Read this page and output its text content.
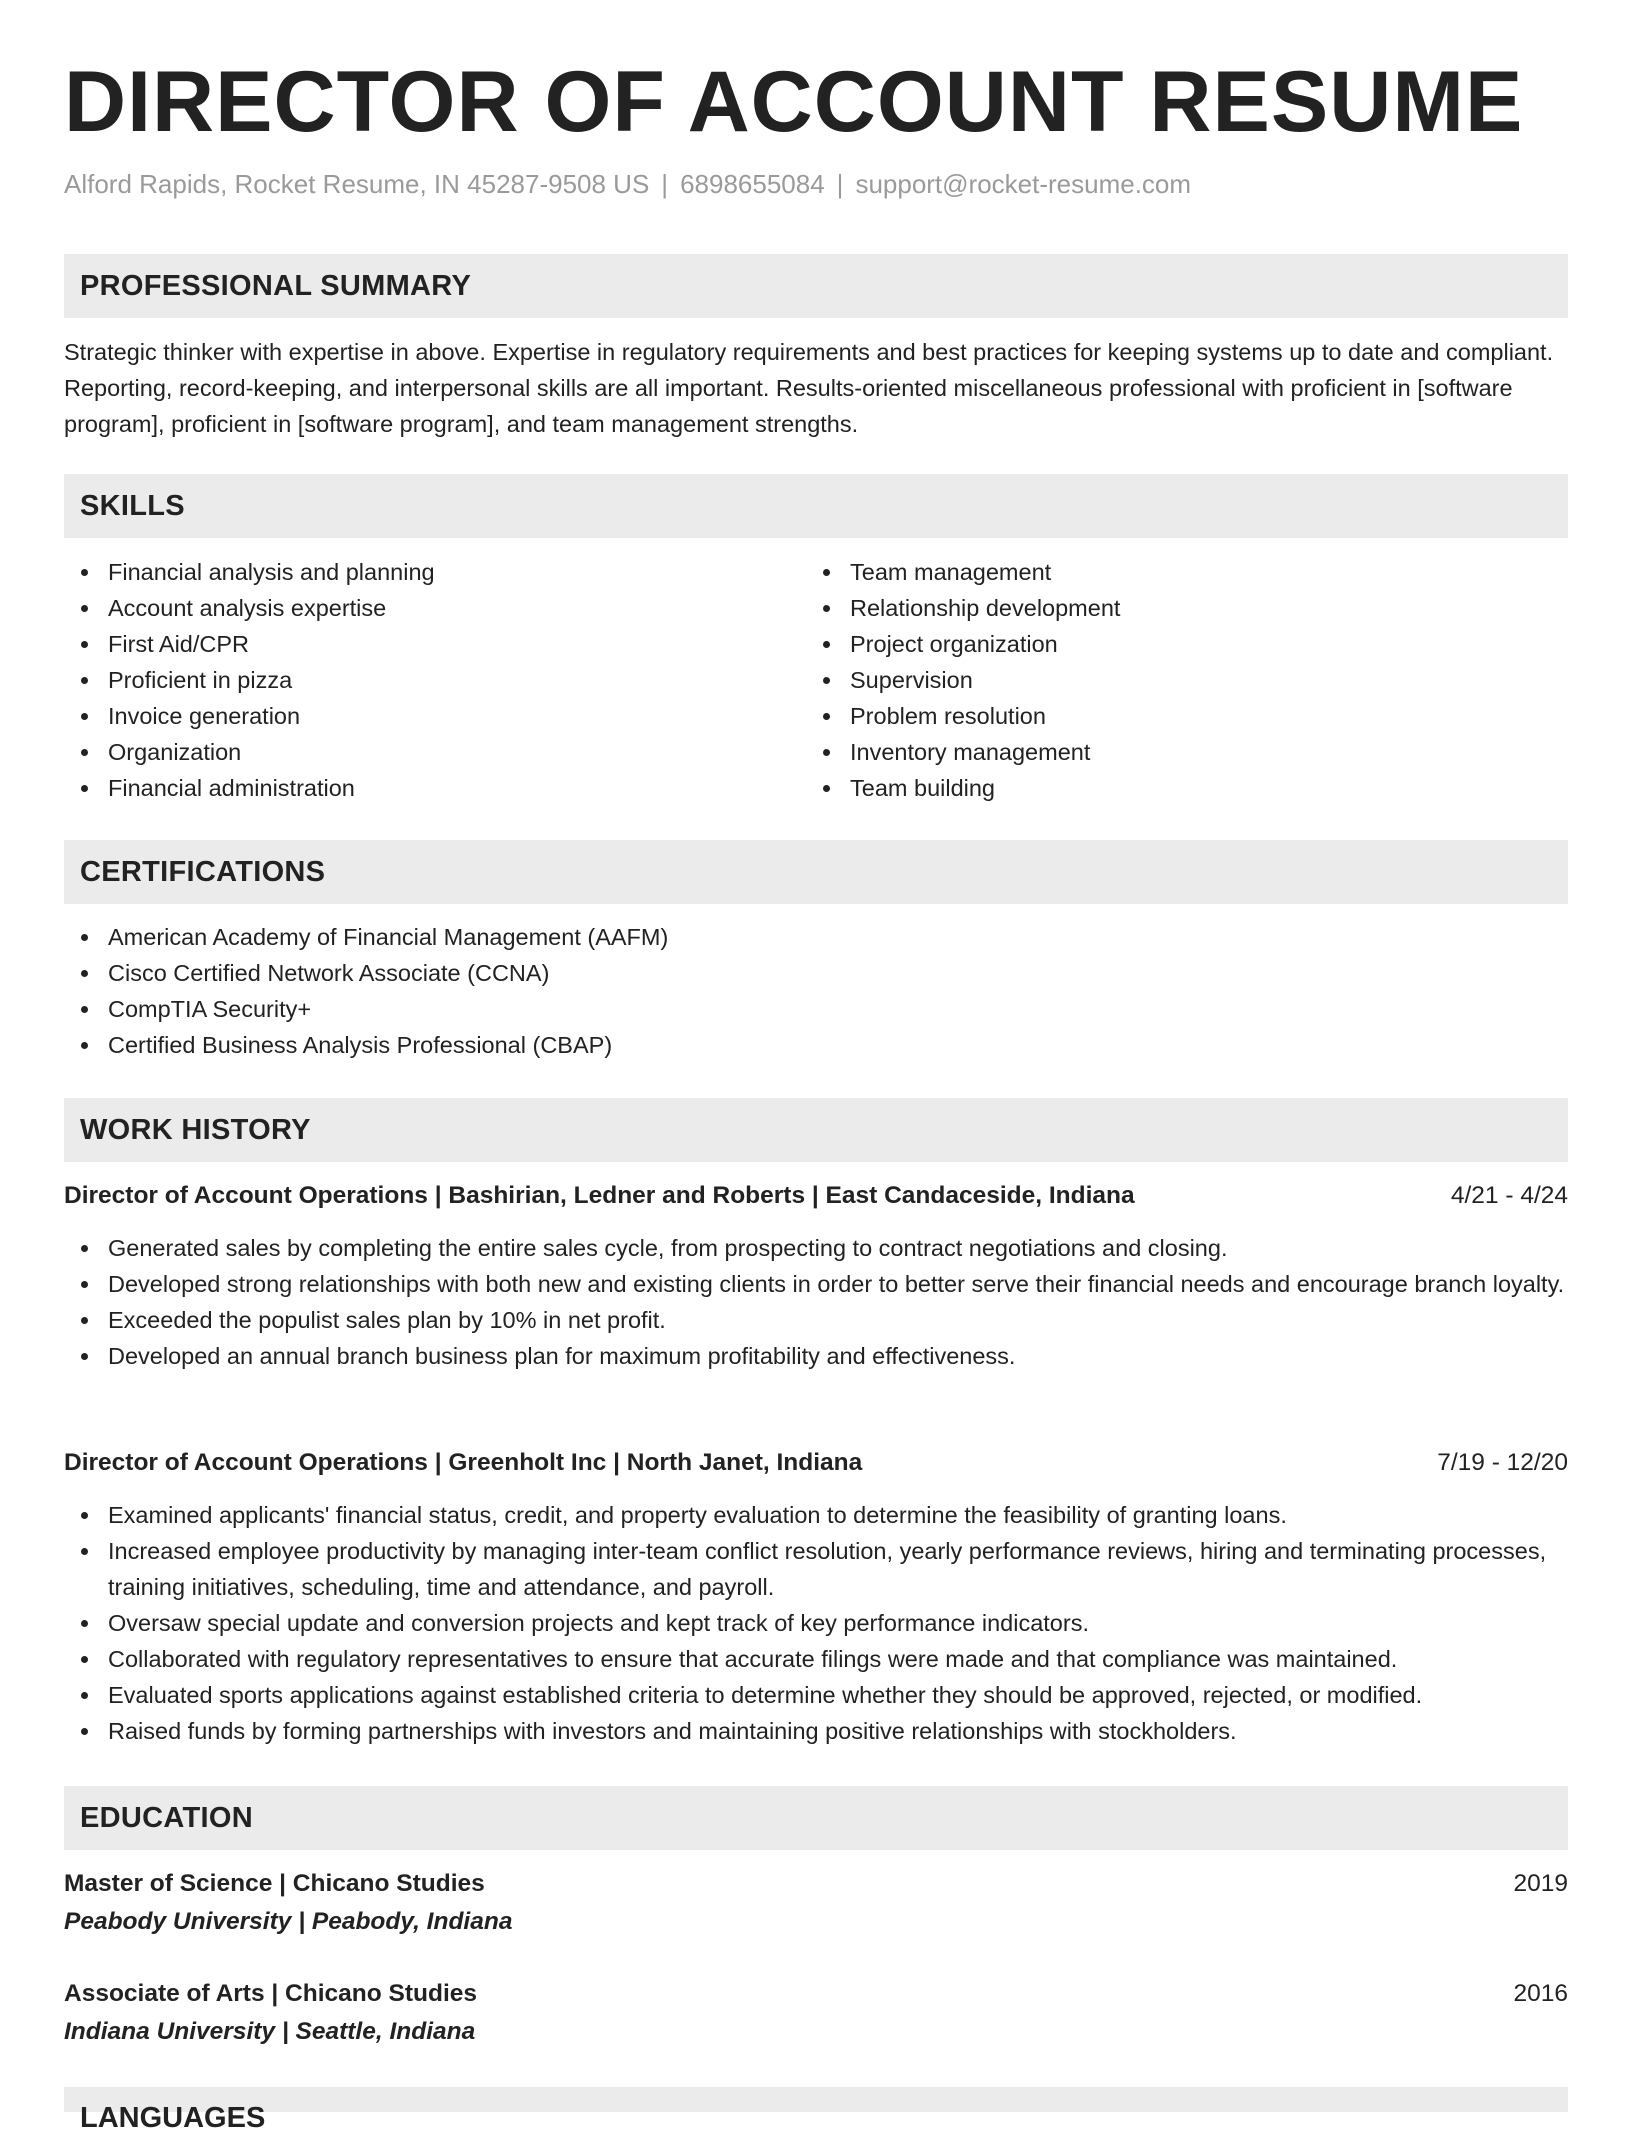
DIRECTOR OF ACCOUNT RESUME
Alford Rapids, Rocket Resume, IN 45287-9508 US | 6898655084 | support@rocket-resume.com
PROFESSIONAL SUMMARY

Strategic thinker with expertise in above. Expertise in regulatory requirements and best practices for keeping systems up to date and compliant. Reporting, record-keeping, and interpersonal skills are all important. Results-oriented miscellaneous professional with proficient in [software program], proficient in [software program], and team management strengths.

SKILLS
Financial analysis and planning
Account analysis expertise
First Aid/CPR
Proficient in pizza
Invoice generation
Organization
Financial administration
Team management
Relationship development
Project organization
Supervision
Problem resolution
Inventory management
Team building
CERTIFICATIONS
American Academy of Financial Management (AAFM)
Cisco Certified Network Associate (CCNA)
CompTIA Security+
Certified Business Analysis Professional (CBAP)
WORK HISTORY
Director of Account Operations | Bashirian, Ledner and Roberts | East Candaceside, Indiana	4/21 - 4/24
Generated sales by completing the entire sales cycle, from prospecting to contract negotiations and closing.
Developed strong relationships with both new and existing clients in order to better serve their financial needs and encourage branch loyalty.
Exceeded the populist sales plan by 10% in net profit.
Developed an annual branch business plan for maximum profitability and effectiveness.
Director of Account Operations | Greenholt Inc | North Janet, Indiana	7/19 - 12/20
Examined applicants' financial status, credit, and property evaluation to determine the feasibility of granting loans.
Increased employee productivity by managing inter-team conflict resolution, yearly performance reviews, hiring and terminating processes, training initiatives, scheduling, time and attendance, and payroll.
Oversaw special update and conversion projects and kept track of key performance indicators.
Collaborated with regulatory representatives to ensure that accurate filings were made and that compliance was maintained.
Evaluated sports applications against established criteria to determine whether they should be approved, rejected, or modified.
Raised funds by forming partnerships with investors and maintaining positive relationships with stockholders.
EDUCATION
Master of Science | Chicano Studies	2019
Peabody University | Peabody, Indiana
Associate of Arts | Chicano Studies	2016
Indiana University | Seattle, Indiana
LANGUAGES
